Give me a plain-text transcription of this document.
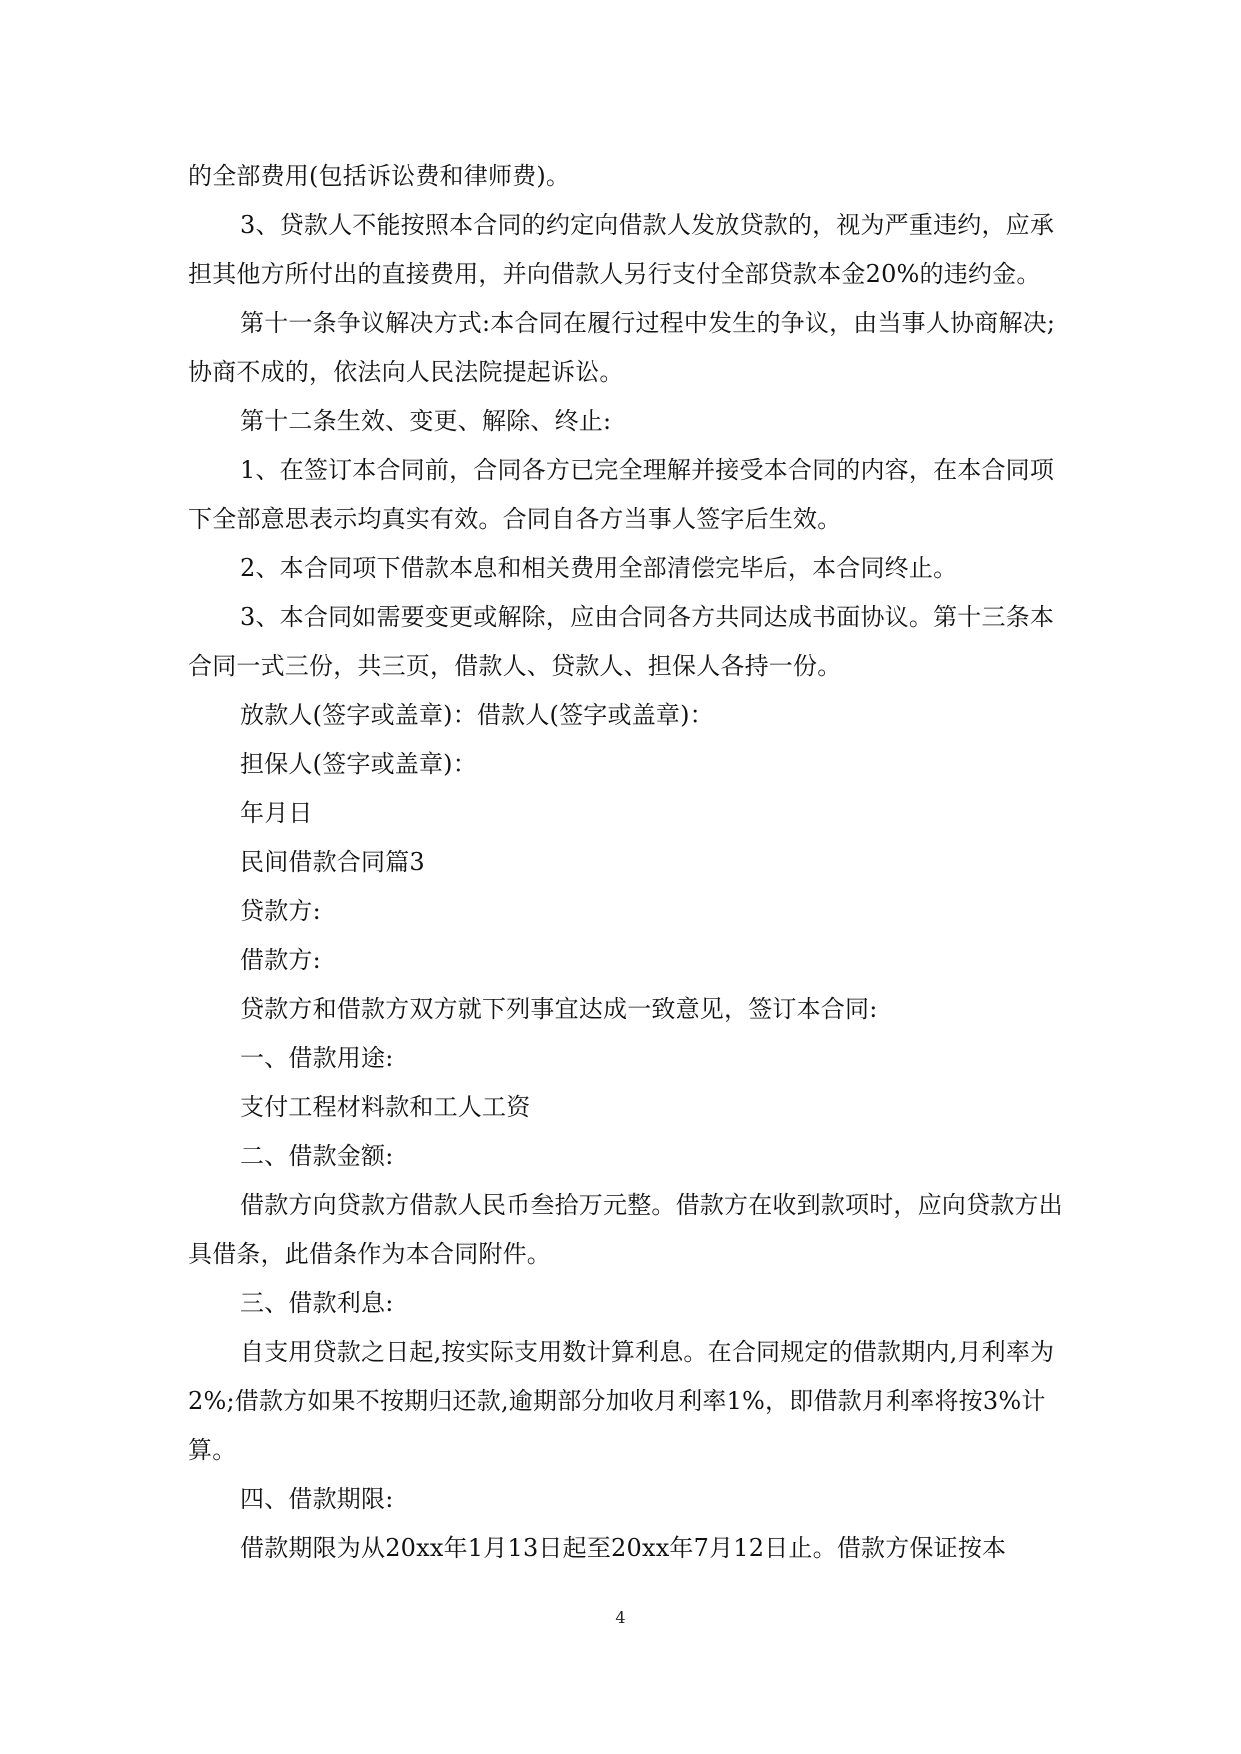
的全部费用(包括诉讼费和律师费)。

3、贷款人不能按照本合同的约定向借款人发放贷款的，视为严重违约，应承担其他方所付出的直接费用，并向借款人另行支付全部贷款本金20%的违约金。

第十一条争议解决方式:本合同在履行过程中发生的争议，由当事人协商解决;协商不成的，依法向人民法院提起诉讼。

第十二条生效、变更、解除、终止:

1、在签订本合同前，合同各方已完全理解并接受本合同的内容，在本合同项下全部意思表示均真实有效。合同自各方当事人签字后生效。

2、本合同项下借款本息和相关费用全部清偿完毕后，本合同终止。

3、本合同如需要变更或解除，应由合同各方共同达成书面协议。第十三条本合同一式三份，共三页，借款人、贷款人、担保人各持一份。

放款人(签字或盖章)：借款人(签字或盖章)：

担保人(签字或盖章)：

年月日

民间借款合同篇3

贷款方:

借款方:

贷款方和借款方双方就下列事宜达成一致意见，签订本合同:

一、借款用途:

支付工程材料款和工人工资

二、借款金额:

借款方向贷款方借款人民币叁拾万元整。借款方在收到款项时，应向贷款方出具借条，此借条作为本合同附件。

三、借款利息:

自支用贷款之日起,按实际支用数计算利息。在合同规定的借款期内,月利率为2%;借款方如果不按期归还款,逾期部分加收月利率1%，即借款月利率将按3%计算。

四、借款期限:

借款期限为从20xx年1月13日起至20xx年7月12日止。借款方保证按本

4
